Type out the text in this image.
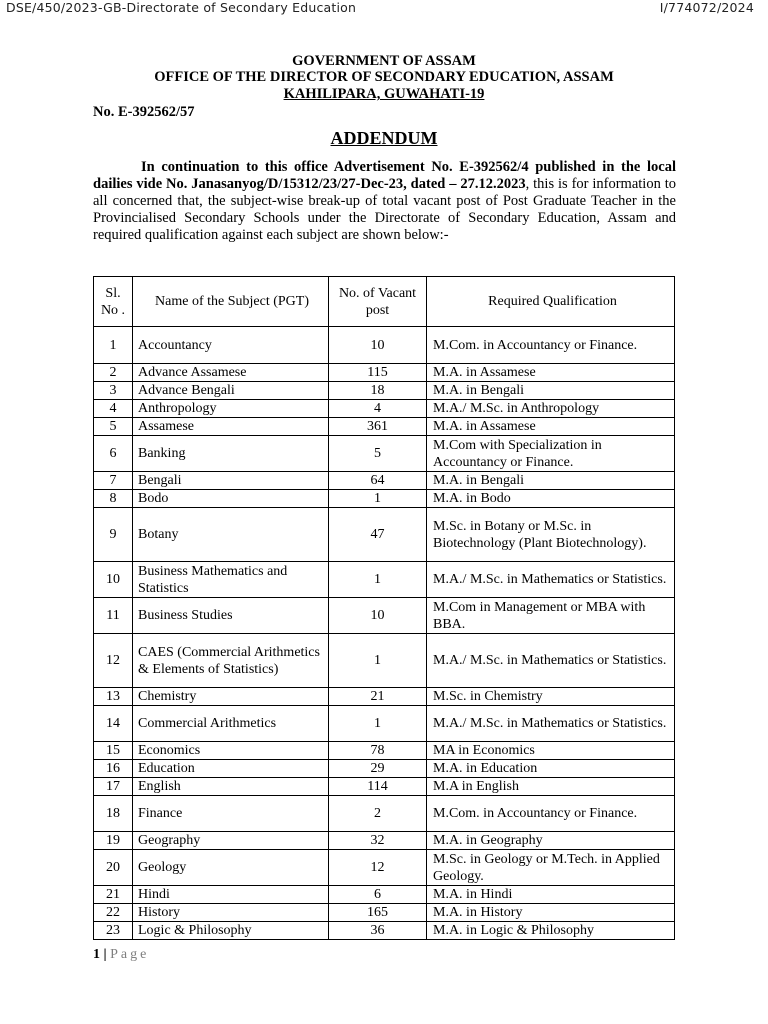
DSE/450/2023-GB-Directorate of Secondary Education	I/774072/2024
GOVERNMENT OF ASSAM
OFFICE OF THE DIRECTOR OF SECONDARY EDUCATION, ASSAM
KAHILIPARA, GUWAHATI-19
No. E-392562/57
ADDENDUM
In continuation to this office Advertisement No. E-392562/4 published in the local dailies vide No. Janasanyog/D/15312/23/27-Dec-23, dated – 27.12.2023, this is for information to all concerned that, the subject-wise break-up of total vacant post of Post Graduate Teacher in the Provincialised Secondary Schools under the Directorate of Secondary Education, Assam and required qualification against each subject are shown below:-
Sl. No .	Name of the Subject (PGT)	No. of Vacant post	Required Qualification
1	Accountancy	10	M.Com. in Accountancy or Finance.
2	Advance Assamese	115	M.A. in Assamese
3	Advance Bengali	18	M.A. in Bengali
4	Anthropology	4	M.A./ M.Sc. in Anthropology
5	Assamese	361	M.A. in Assamese
6	Banking	5	M.Com with Specialization in Accountancy or Finance.
7	Bengali	64	M.A. in Bengali
8	Bodo	1	M.A. in Bodo
9	Botany	47	M.Sc. in Botany or M.Sc. in Biotechnology (Plant Biotechnology).
10	Business Mathematics and Statistics	1	M.A./ M.Sc. in Mathematics or Statistics.
11	Business Studies	10	M.Com in Management or MBA with BBA.
12	CAES (Commercial Arithmetics & Elements of Statistics)	1	M.A./ M.Sc. in Mathematics or Statistics.
13	Chemistry	21	M.Sc. in Chemistry
14	Commercial Arithmetics	1	M.A./ M.Sc. in Mathematics or Statistics.
15	Economics	78	MA in Economics
16	Education	29	M.A. in Education
17	English	114	M.A in English
18	Finance	2	M.Com. in Accountancy or Finance.
19	Geography	32	M.A. in Geography
20	Geology	12	M.Sc. in Geology or M.Tech. in Applied Geology.
21	Hindi	6	M.A. in Hindi
22	History	165	M.A. in History
23	Logic & Philosophy	36	M.A. in Logic & Philosophy
1 | Page
